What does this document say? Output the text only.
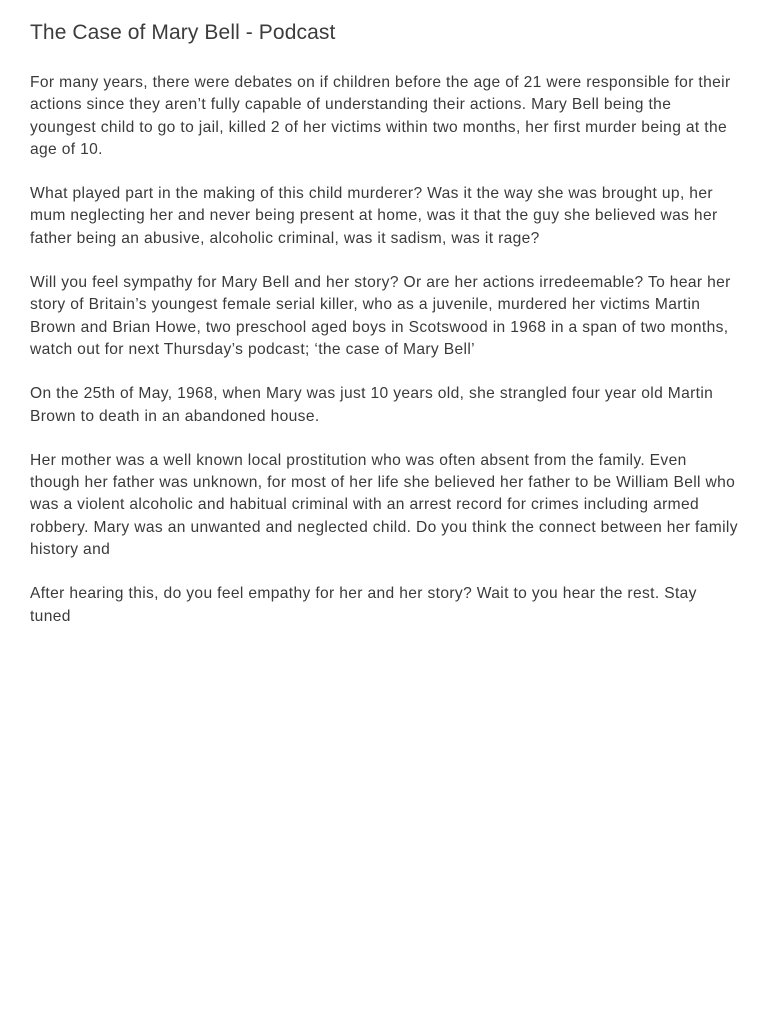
The Case of Mary Bell - Podcast

For many years, there were debates on if children before the age of 21 were responsible for their actions since they aren’t fully capable of understanding their actions. Mary Bell being the youngest child to go to jail, killed 2 of her victims within two months, her first murder being at the age of 10.

What played part in the making of this child murderer? Was it the way she was brought up, her mum neglecting her and never being present at home, was it that the guy she believed was her father being an abusive, alcoholic criminal, was it sadism, was it rage?

Will you feel sympathy for Mary Bell and her story? Or are her actions irredeemable? To hear her story of Britain’s youngest female serial killer, who as a juvenile, murdered her victims Martin Brown and Brian Howe, two preschool aged boys in Scotswood in 1968 in a span of two months, watch out for next Thursday’s podcast; ‘the case of Mary Bell’

On the 25th of May, 1968, when Mary was just 10 years old, she strangled four year old Martin Brown to death in an abandoned house.

Her mother was a well known local prostitution who was often absent from the family. Even though her father was unknown, for most of her life she believed her father to be William Bell who was a violent alcoholic and habitual criminal with an arrest record for crimes including armed robbery. Mary was an unwanted and neglected child. Do you think the connect between her family history and

After hearing this, do you feel empathy for her and her story? Wait to you hear the rest. Stay tuned
